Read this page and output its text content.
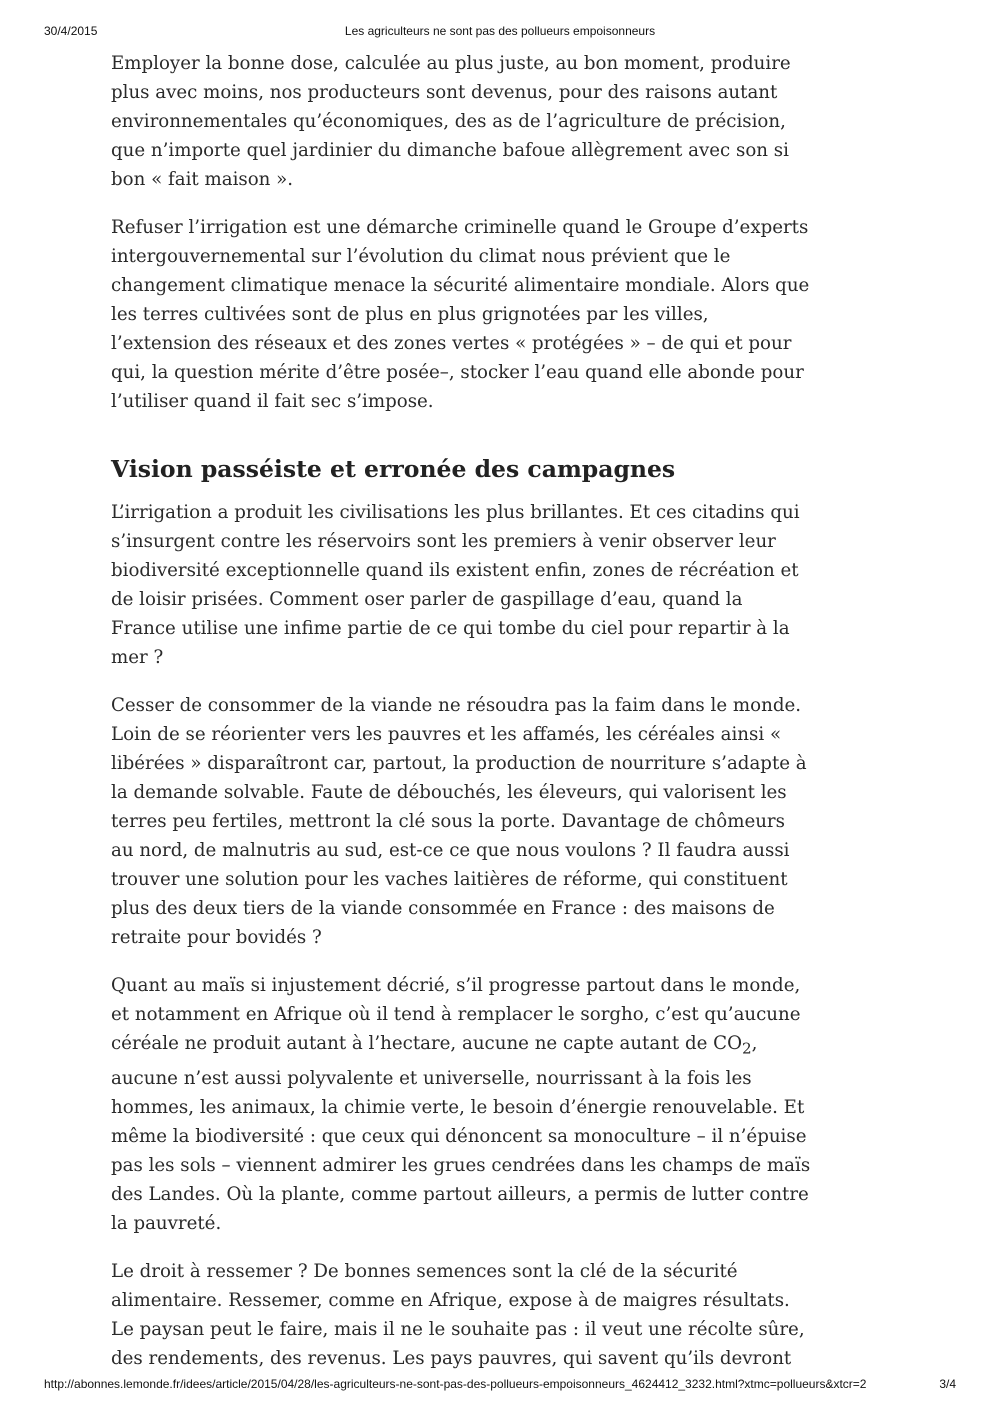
30/4/2015	Les agriculteurs ne sont pas des pollueurs empoisonneurs

Employer la bonne dose, calculée au plus juste, au bon moment, produire plus avec moins, nos producteurs sont devenus, pour des raisons autant environnementales qu’économiques, des as de l’agriculture de précision, que n’importe quel jardinier du dimanche bafoue allègrement avec son si bon « fait maison ».

Refuser l’irrigation est une démarche criminelle quand le Groupe d’experts intergouvernemental sur l’évolution du climat nous prévient que le changement climatique menace la sécurité alimentaire mondiale. Alors que les terres cultivées sont de plus en plus grignotées par les villes, l’extension des réseaux et des zones vertes « protégées » – de qui et pour qui, la question mérite d’être posée–, stocker l’eau quand elle abonde pour l’utiliser quand il fait sec s’impose.

Vision passéiste et erronée des campagnes

L’irrigation a produit les civilisations les plus brillantes. Et ces citadins qui s’insurgent contre les réservoirs sont les premiers à venir observer leur biodiversité exceptionnelle quand ils existent enfin, zones de récréation et de loisir prisées. Comment oser parler de gaspillage d’eau, quand la France utilise une infime partie de ce qui tombe du ciel pour repartir à la mer ?

Cesser de consommer de la viande ne résoudra pas la faim dans le monde. Loin de se réorienter vers les pauvres et les affamés, les céréales ainsi « libérées » disparaîtront car, partout, la production de nourriture s’adapte à la demande solvable. Faute de débouchés, les éleveurs, qui valorisent les terres peu fertiles, mettront la clé sous la porte. Davantage de chômeurs au nord, de malnutris au sud, est-ce ce que nous voulons ? Il faudra aussi trouver une solution pour les vaches laitières de réforme, qui constituent plus des deux tiers de la viande consommée en France : des maisons de retraite pour bovidés ?

Quant au maïs si injustement décrié, s’il progresse partout dans le monde, et notamment en Afrique où il tend à remplacer le sorgho, c’est qu’aucune céréale ne produit autant à l’hectare, aucune ne capte autant de $CO_2$, aucune n’est aussi polyvalente et universelle, nourrissant à la fois les hommes, les animaux, la chimie verte, le besoin d’énergie renouvelable. Et même la biodiversité : que ceux qui dénoncent sa monoculture – il n’épuise pas les sols – viennent admirer les grues cendrées dans les champs de maïs des Landes. Où la plante, comme partout ailleurs, a permis de lutter contre la pauvreté.

Le droit à ressemer ? De bonnes semences sont la clé de la sécurité alimentaire. Ressemer, comme en Afrique, expose à de maigres résultats. Le paysan peut le faire, mais il ne le souhaite pas : il veut une récolte sûre, des rendements, des revenus. Les pays pauvres, qui savent qu’ils devront

http://abonnes.lemonde.fr/idees/article/2015/04/28/les-agriculteurs-ne-sont-pas-des-pollueurs-empoisonneurs_4624412_3232.html?xtmc=pollueurs&xtcr=2	3/4
